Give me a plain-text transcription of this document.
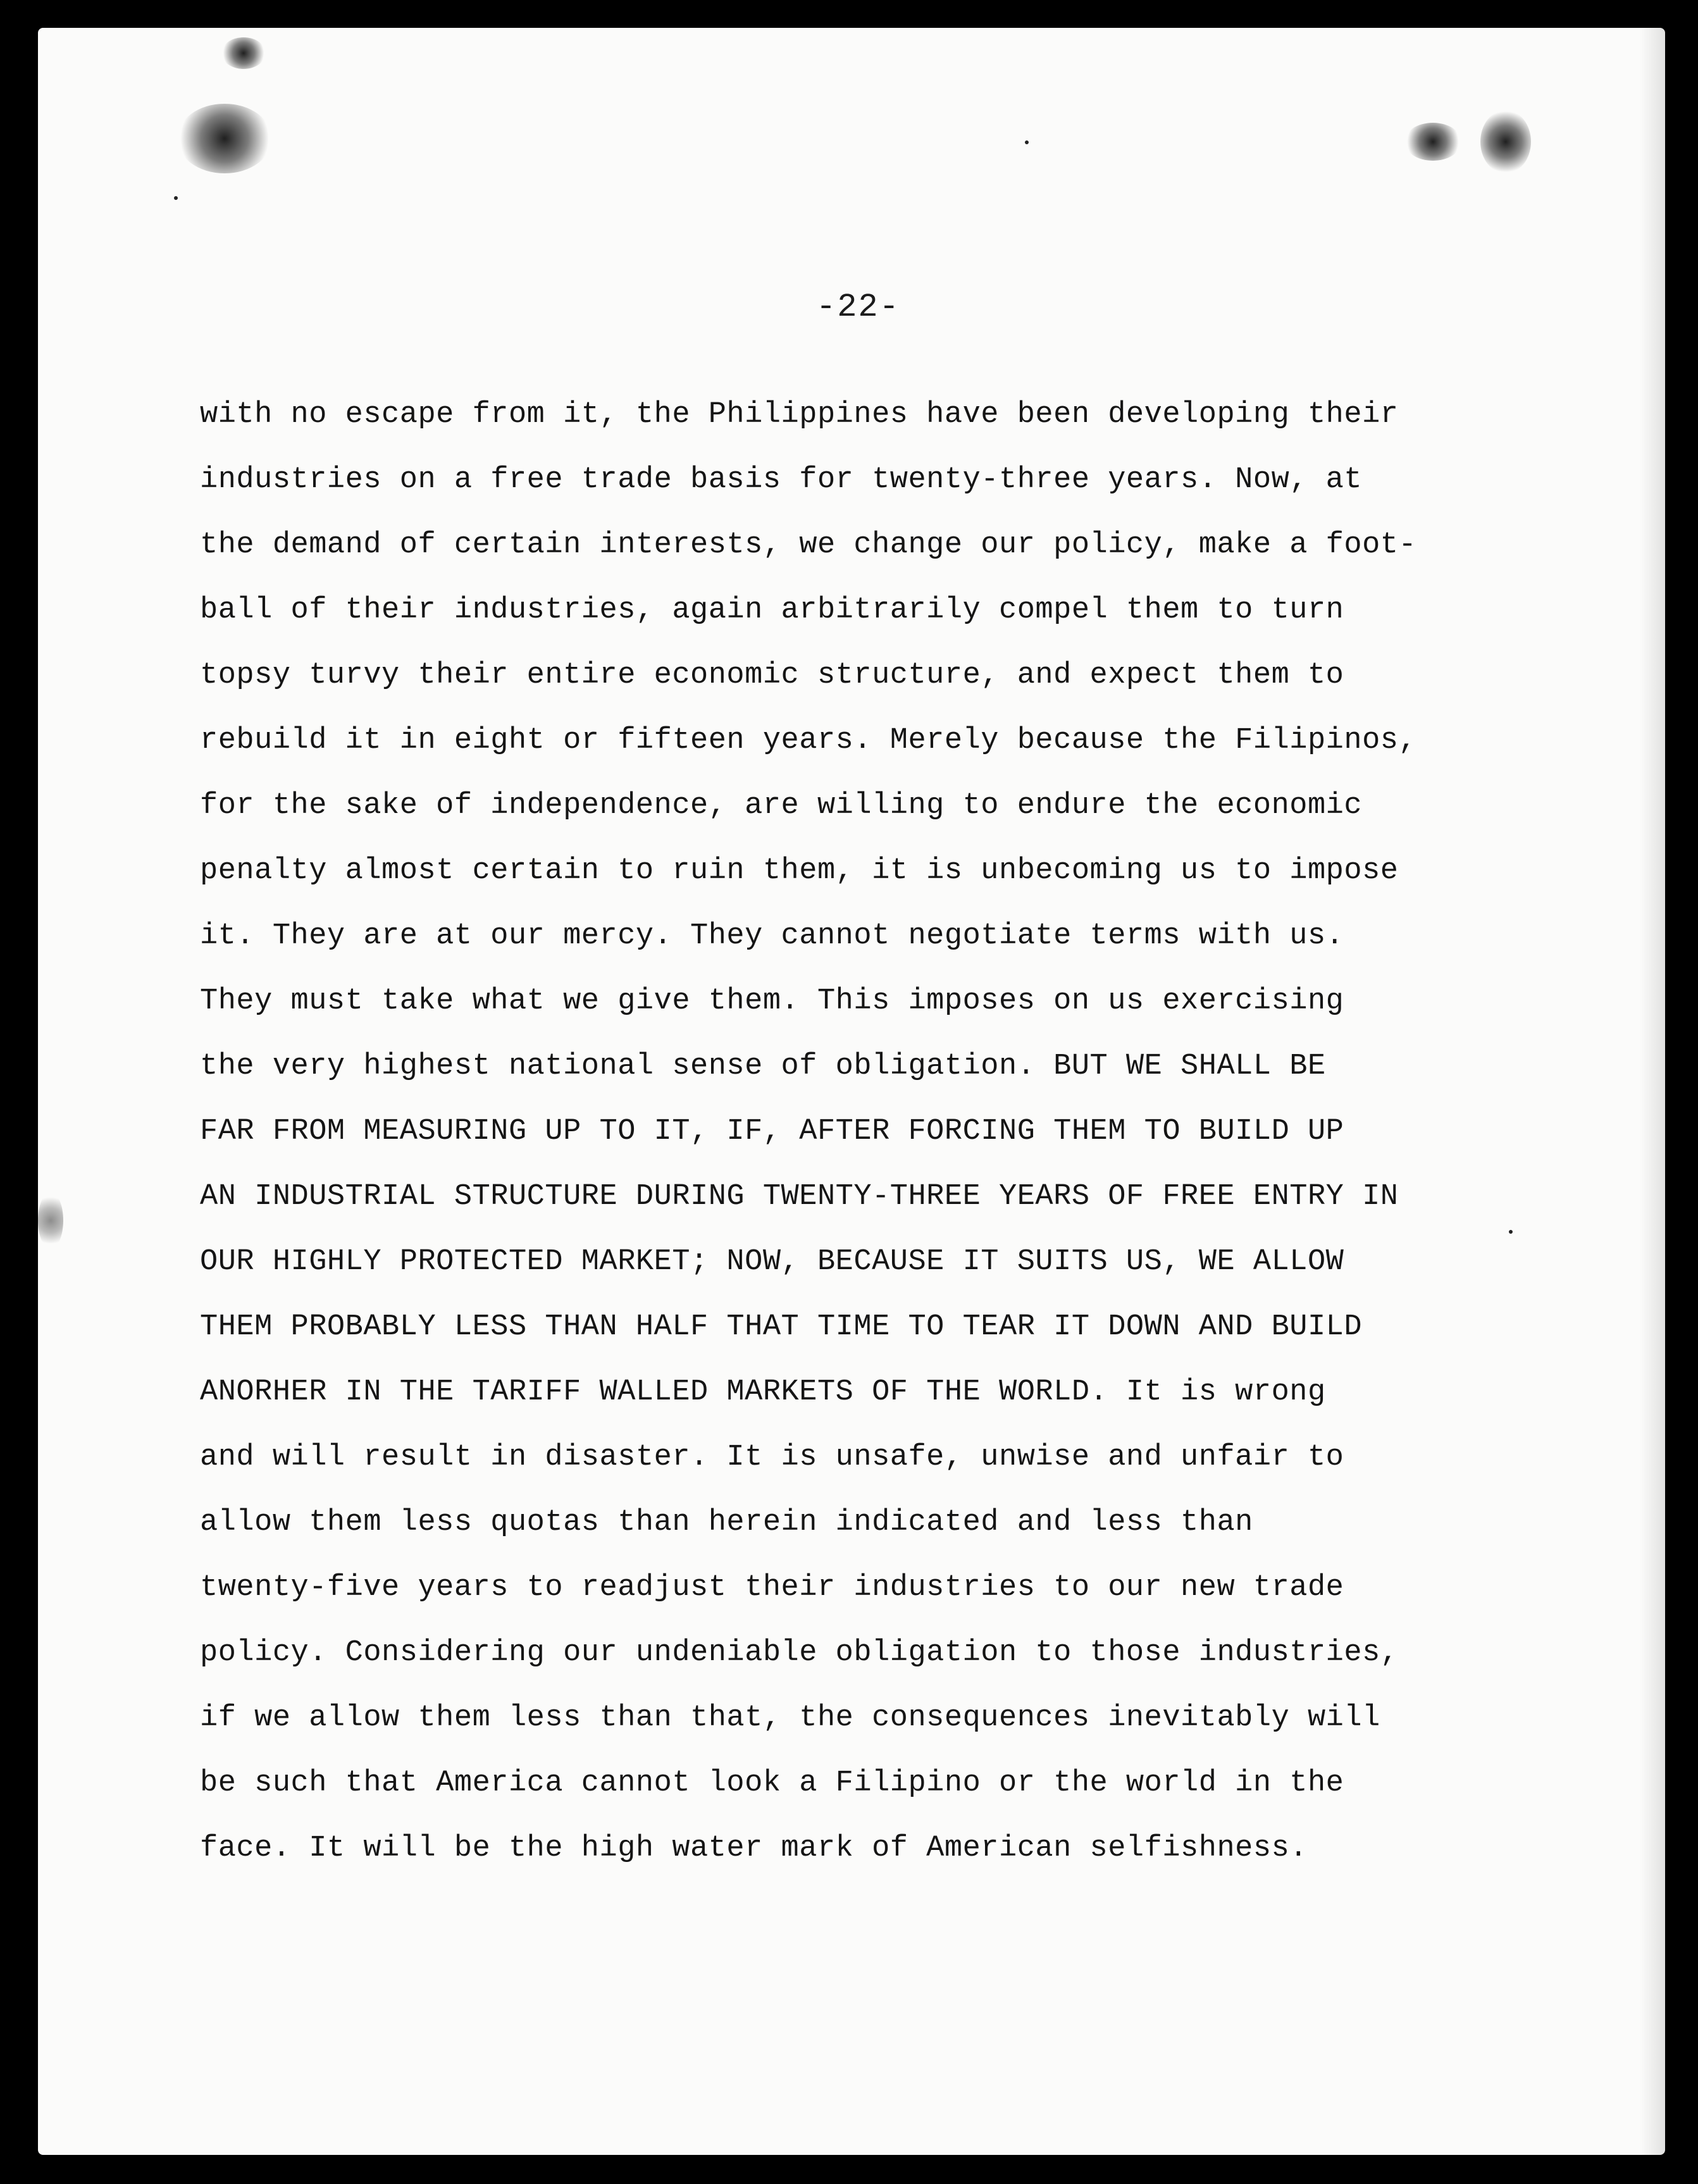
-22-
with no escape from it, the Philippines have been developing their
industries on a free trade basis for twenty-three years. Now, at
the demand of certain interests, we change our policy, make a foot-
ball of their industries, again arbitrarily compel them to turn
topsy turvy their entire economic structure, and expect them to
rebuild it in eight or fifteen years. Merely because the Filipinos,
for the sake of independence, are willing to endure the economic
penalty almost certain to ruin them, it is unbecoming us to impose
it. They are at our mercy. They cannot negotiate terms with us.
They must take what we give them. This imposes on us exercising
the very highest national sense of obligation. BUT WE SHALL BE
FAR FROM MEASURING UP TO IT, IF, AFTER FORCING THEM TO BUILD UP
AN INDUSTRIAL STRUCTURE DURING TWENTY-THREE YEARS OF FREE ENTRY IN
OUR HIGHLY PROTECTED MARKET; NOW, BECAUSE IT SUITS US, WE ALLOW
THEM PROBABLY LESS THAN HALF THAT TIME TO TEAR IT DOWN AND BUILD
ANORHER IN THE TARIFF WALLED MARKETS OF THE WORLD. It is wrong
and will result in disaster. It is unsafe, unwise and unfair to
allow them less quotas than herein indicated and less than
twenty-five years to readjust their industries to our new trade
policy. Considering our undeniable obligation to those industries,
if we allow them less than that, the consequences inevitably will
be such that America cannot look a Filipino or the world in the
face. It will be the high water mark of American selfishness.
